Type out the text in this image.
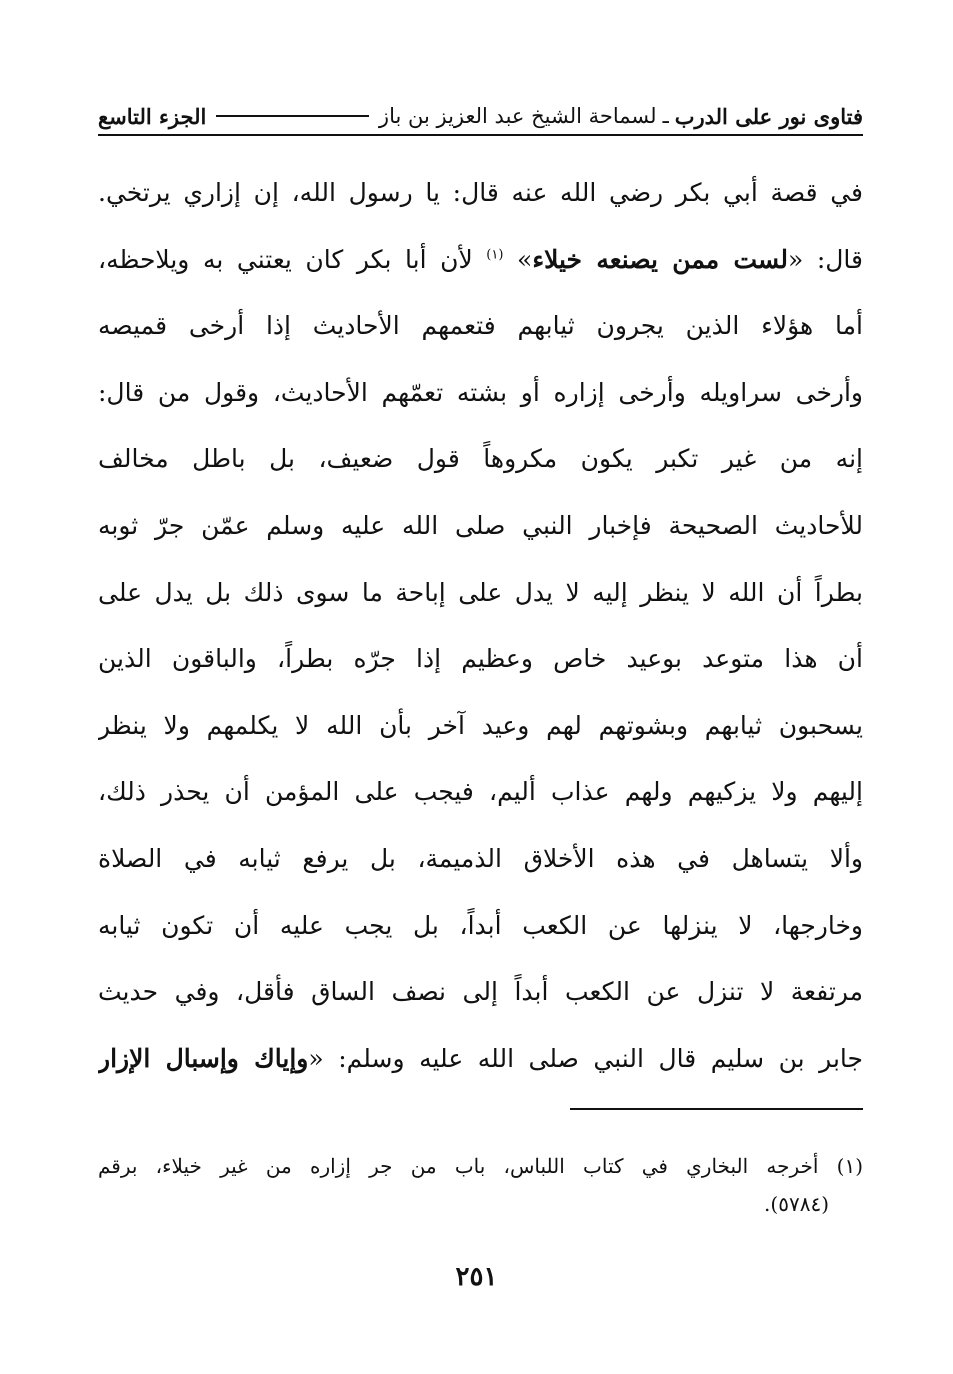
فتاوى نور على الدرب
ـ
لسماحة الشيخ عبد العزيز بن باز
الجزء التاسع
في قصة أبي بكر رضي الله عنه قال: يا رسول الله، إن إزاري يرتخي.
قال: «لست ممن يصنعه خيلاء» $^{(١)}$ لأن أبا بكر كان يعتني به ويلاحظه،
أما هؤلاء الذين يجرون ثيابهم فتعمهم الأحاديث إذا أرخى قميصه
وأرخى سراويله وأرخى إزاره أو بشته تعمّهم الأحاديث، وقول من قال:
إنه من غير تكبر يكون مكروهاً قول ضعيف، بل باطل مخالف
للأحاديث الصحيحة فإخبار النبي صلى الله عليه وسلم عمّن جرّ ثوبه
بطراً أن الله لا ينظر إليه لا يدل على إباحة ما سوى ذلك بل يدل على
أن هذا متوعد بوعيد خاص وعظيم إذا جرّه بطراً، والباقون الذين
يسحبون ثيابهم وبشوتهم لهم وعيد آخر بأن الله لا يكلمهم ولا ينظر
إليهم ولا يزكيهم ولهم عذاب أليم، فيجب على المؤمن أن يحذر ذلك،
وألا يتساهل في هذه الأخلاق الذميمة، بل يرفع ثيابه في الصلاة
وخارجها، لا ينزلها عن الكعب أبداً، بل يجب عليه أن تكون ثيابه
مرتفعة لا تنزل عن الكعب أبداً إلى نصف الساق فأقل، وفي حديث
جابر بن سليم قال النبي صلى الله عليه وسلم: «وإياك وإسبال الإزار
(١) أخرجه البخاري في كتاب اللباس، باب من جر إزاره من غير خيلاء، برقم
(٥٧٨٤).
٢٥١
